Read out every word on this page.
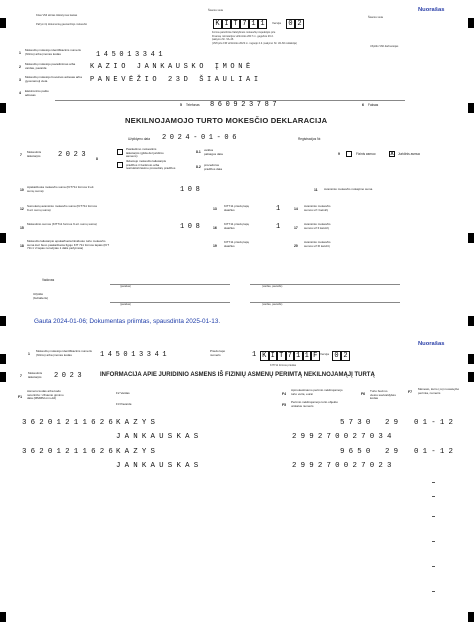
Nuorašas
Šiaurės vieta
Šiaurės vieta
Kitas VMI skirtas išdėstymas laukas
Pažymi šį dokumentą gaunančiojo mokesčio	K I T 7 1 1	Versija	0 2
Forma patvirtinta Valstybinės mokesčių inspekcijos prie
Finansų ministerijos viršininko 2017 m. gegužės 29 d.
įsakymu Nr. VA-46
(VMI prie FM viršininko 2023 m. rugsėjo 4 d. įsakymo Nr. VA-60 redakcija)
Užpildo VMI darbuotojas
1
Mokesčių mokėtojo identifikacinis numeris (fizinio) arba įmonės kodas	145013341
2
Mokesčių mokėtojo pavadinimas arba vardas, pavardė	KAZIO JANKAUSKO ĮMONĖ
3
Mokesčių mokėtojo buveinės adresas arba gyvenamoji vieta	PANEVĖŽIO 23D ŠIAULIAI
4 Elektroninio pašto adresas
5 Telefonas 860923787	6 Faksas
NEKILNOJAMOJO TURTO MOKESČIO DEKLARACIJA
Užpildymo data 2024-01-06	Registracijos Nr.
7
Mokestinis laikotarpis	2023 8
Pasikeitimo mokestinis laikotarpis (gilda dėl juridinio asmens)
Išduotojo mokesčio laikotarpis pradžios ir bankroto arba restruktūrizavimo procedūrų pradžios
8.1 veiklos pabaigos data
8.2 procedūros pradžios data
9	Fizinis asmuo	X	Juridinis asmuo
10
Apskaičiuota mokesčio suma (KIT711 formos 9 eil. sumų suma)	108	11 Avansinio mokesčio mokėjimo suma
12
Sumokėtų avansinio mokesčio suma (KIT711 formos 9 eil. sumų suma)	13
KIT711 priedų lapų skaičius	1	14
Avansinio mokesčio sumos už I ketvirtį
15
Mokestinio sumos (KIT711 formos 9 eil. sumų suma)	108	16
KIT711 priedų lapų skaičius	1	17
Avansinio mokesčio sumos už II ketvirtį
18
Mokesčio laikotarpio apskaičiuota likviduoto turto mokesčio suma kuri buvo paskaičiuota Ilgojo KIT 711 formos lapais (KIT 711 ir 2 lapas nurodytas 1 dalis pažymėta)
19
KIT711 priedų lapų skaičius	20
Avansinio mokesčio sumos už III ketvirtį
Vadovas
(parašas)	(vardas, pavardė)
Užpildė (buhalteris)
(parašas)	(vardas, pavardė)
Gauta 2024-01-06; Dokumentas priimtas, spausdinta 2025-01-13.
Nuorašas
1
Mokesčių mokėtojo identifikacinis numeris (fizinio) arba įmonės kodas	145013341	Priedo lapo numeris	1 K I T 7 1 1 F Versija 0 2
KIT711 formos priedas
7
Mokestinis laikotarpis	2023 INFORMACIJA APIE JURIDINIO ASMENS IŠ FIZINIŲ ASMENŲ PERIMTĄ NEKILNOJAMĄJĮ TURTĄ
F1
Asmens kodas arba kodo neturinčio: Užsienio gimimo data (MMMM-mm-dd)
F2 Vardas
F3 Pavardė
F4
Apmokestinamo perimto nekilnojamojo turto vertė, eurai
F5
Perimto nekilnojamojo turto objekto unikalus numeris
F6
Turto buvimo vietos savivaldybės kodas
F7
Mėnesio, kurio (-io) nuosavybė perimta, numeris
36201211626 KAZYS	5730 29 01-12
JANKAUSKAS	299270027034
36201211626 KAZYS	9650 29 01-12
JANKAUSKAS	299270027023
